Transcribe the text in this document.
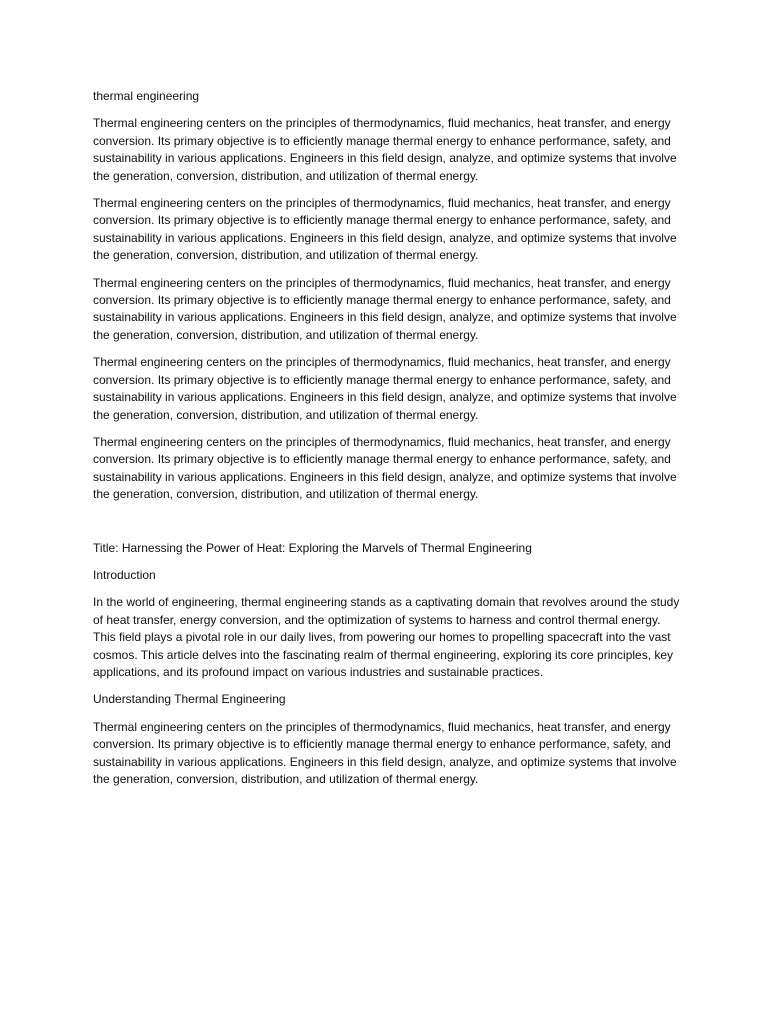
thermal engineering

Thermal engineering centers on the principles of thermodynamics, fluid mechanics, heat transfer, and energy conversion. Its primary objective is to efficiently manage thermal energy to enhance performance, safety, and sustainability in various applications. Engineers in this field design, analyze, and optimize systems that involve the generation, conversion, distribution, and utilization of thermal energy.

Thermal engineering centers on the principles of thermodynamics, fluid mechanics, heat transfer, and energy conversion. Its primary objective is to efficiently manage thermal energy to enhance performance, safety, and sustainability in various applications. Engineers in this field design, analyze, and optimize systems that involve the generation, conversion, distribution, and utilization of thermal energy.

Thermal engineering centers on the principles of thermodynamics, fluid mechanics, heat transfer, and energy conversion. Its primary objective is to efficiently manage thermal energy to enhance performance, safety, and sustainability in various applications. Engineers in this field design, analyze, and optimize systems that involve the generation, conversion, distribution, and utilization of thermal energy.

Thermal engineering centers on the principles of thermodynamics, fluid mechanics, heat transfer, and energy conversion. Its primary objective is to efficiently manage thermal energy to enhance performance, safety, and sustainability in various applications. Engineers in this field design, analyze, and optimize systems that involve the generation, conversion, distribution, and utilization of thermal energy.

Thermal engineering centers on the principles of thermodynamics, fluid mechanics, heat transfer, and energy conversion. Its primary objective is to efficiently manage thermal energy to enhance performance, safety, and sustainability in various applications. Engineers in this field design, analyze, and optimize systems that involve the generation, conversion, distribution, and utilization of thermal energy.

Title: Harnessing the Power of Heat: Exploring the Marvels of Thermal Engineering

Introduction

In the world of engineering, thermal engineering stands as a captivating domain that revolves around the study of heat transfer, energy conversion, and the optimization of systems to harness and control thermal energy. This field plays a pivotal role in our daily lives, from powering our homes to propelling spacecraft into the vast cosmos. This article delves into the fascinating realm of thermal engineering, exploring its core principles, key applications, and its profound impact on various industries and sustainable practices.

Understanding Thermal Engineering

Thermal engineering centers on the principles of thermodynamics, fluid mechanics, heat transfer, and energy conversion. Its primary objective is to efficiently manage thermal energy to enhance performance, safety, and sustainability in various applications. Engineers in this field design, analyze, and optimize systems that involve the generation, conversion, distribution, and utilization of thermal energy.
